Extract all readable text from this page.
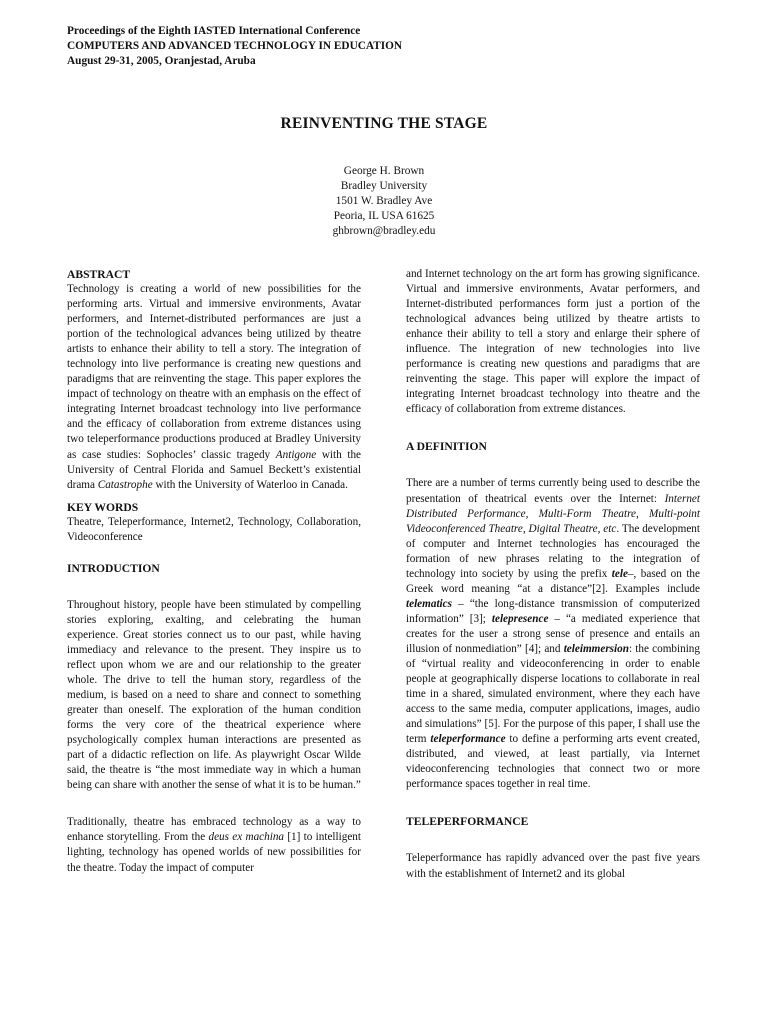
Proceedings of the Eighth IASTED International Conference
COMPUTERS AND ADVANCED TECHNOLOGY IN EDUCATION
August 29-31, 2005, Oranjestad, Aruba
REINVENTING THE STAGE
George H. Brown
Bradley University
1501 W. Bradley Ave
Peoria, IL USA 61625
ghbrown@bradley.edu
ABSTRACT

Technology is creating a world of new possibilities for the performing arts. Virtual and immersive environments, Avatar performers, and Internet-distributed performances are just a portion of the technological advances being utilized by theatre artists to enhance their ability to tell a story. The integration of technology into live performance is creating new questions and paradigms that are reinventing the stage. This paper explores the impact of technology on theatre with an emphasis on the effect of integrating Internet broadcast technology into live performance and the efficacy of collaboration from extreme distances using two teleperformance productions produced at Bradley University as case studies: Sophocles’ classic tragedy Antigone with the University of Central Florida and Samuel Beckett’s existential drama Catastrophe with the University of Waterloo in Canada.

KEY WORDS

Theatre, Teleperformance, Internet2, Technology, Collaboration, Videoconference

INTRODUCTION

Throughout history, people have been stimulated by compelling stories exploring, exalting, and celebrating the human experience. Great stories connect us to our past, while having immediacy and relevance to the present. They inspire us to reflect upon whom we are and our relationship to the greater whole. The drive to tell the human story, regardless of the medium, is based on a need to share and connect to something greater than oneself. The exploration of the human condition forms the very core of the theatrical experience where psychologically complex human interactions are presented as part of a didactic reflection on life. As playwright Oscar Wilde said, the theatre is “the most immediate way in which a human being can share with another the sense of what it is to be human.”

Traditionally, theatre has embraced technology as a way to enhance storytelling. From the deus ex machina [1] to intelligent lighting, technology has opened worlds of new possibilities for the theatre. Today the impact of computer

and Internet technology on the art form has growing significance. Virtual and immersive environments, Avatar performers, and Internet-distributed performances form just a portion of the technological advances being utilized by theatre artists to enhance their ability to tell a story and enlarge their sphere of influence. The integration of new technologies into live performance is creating new questions and paradigms that are reinventing the stage. This paper will explore the impact of integrating Internet broadcast technology into theatre and the efficacy of collaboration from extreme distances.

A DEFINITION

There are a number of terms currently being used to describe the presentation of theatrical events over the Internet: Internet Distributed Performance, Multi-Form Theatre, Multi-point Videoconferenced Theatre, Digital Theatre, etc. The development of computer and Internet technologies has encouraged the formation of new phrases relating to the integration of technology into society by using the prefix tele–, based on the Greek word meaning “at a distance”[2]. Examples include telematics – “the long-distance transmission of computerized information” [3]; telepresence – “a mediated experience that creates for the user a strong sense of presence and entails an illusion of nonmediation” [4]; and teleimmersion: the combining of “virtual reality and videoconferencing in order to enable people at geographically disperse locations to collaborate in real time in a shared, simulated environment, where they each have access to the same media, computer applications, images, audio and simulations” [5]. For the purpose of this paper, I shall use the term teleperformance to define a performing arts event created, distributed, and viewed, at least partially, via Internet videoconferencing technologies that connect two or more performance spaces together in real time.

TELEPERFORMANCE

Teleperformance has rapidly advanced over the past five years with the establishment of Internet2 and its global
